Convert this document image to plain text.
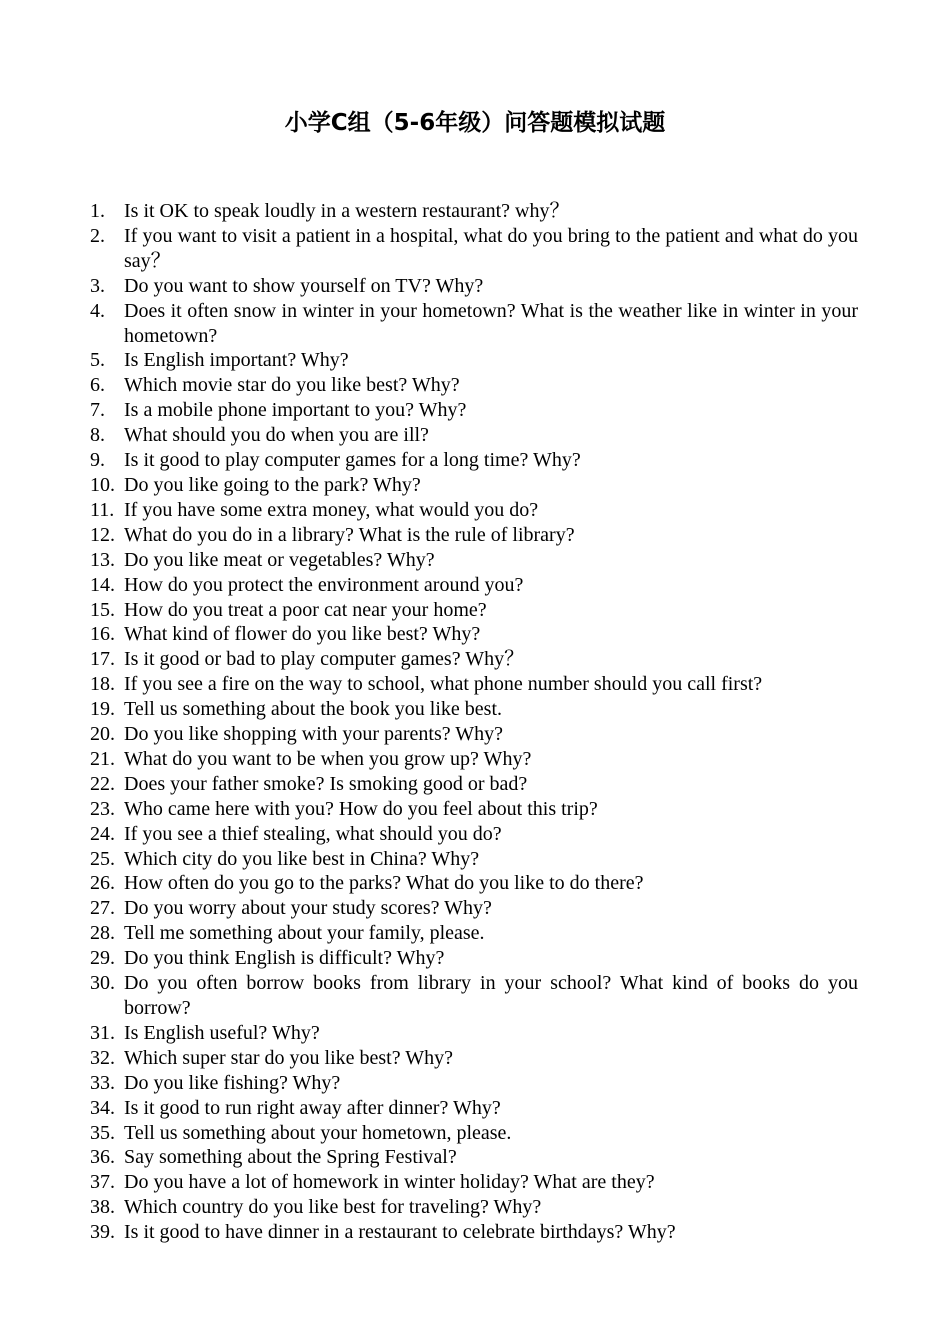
小学C组（5-6年级）问答题模拟试题
1. Is it OK to speak loudly in a western restaurant? why？
2. If you want to visit a patient in a hospital, what do you bring to the patient and what do you say？
3. Do you want to show yourself on TV? Why?
4. Does it often snow in winter in your hometown? What is the weather like in winter in your hometown?
5. Is English important? Why?
6. Which movie star do you like best? Why?
7. Is a mobile phone important to you? Why?
8. What should you do when you are ill?
9. Is it good to play computer games for a long time? Why?
10. Do you like going to the park? Why?
11. If you have some extra money, what would you do?
12. What do you do in a library? What is the rule of library?
13. Do you like meat or vegetables? Why?
14. How do you protect the environment around you?
15. How do you treat a poor cat near your home?
16. What kind of flower do you like best? Why?
17. Is it good or bad to play computer games? Why？
18. If you see a fire on the way to school, what phone number should you call first?
19. Tell us something about the book you like best.
20. Do you like shopping with your parents? Why?
21. What do you want to be when you grow up? Why?
22. Does your father smoke? Is smoking good or bad?
23. Who came here with you? How do you feel about this trip?
24. If you see a thief stealing, what should you do?
25. Which city do you like best in China? Why?
26. How often do you go to the parks? What do you like to do there?
27. Do you worry about your study scores? Why?
28. Tell me something about your family, please.
29. Do you think English is difficult? Why?
30. Do you often borrow books from library in your school? What kind of books do you borrow?
31. Is English useful? Why?
32. Which super star do you like best? Why?
33. Do you like fishing? Why?
34. Is it good to run right away after dinner? Why?
35. Tell us something about your hometown, please.
36. Say something about the Spring Festival?
37. Do you have a lot of homework in winter holiday? What are they?
38. Which country do you like best for traveling? Why?
39. Is it good to have dinner in a restaurant to celebrate birthdays? Why?
